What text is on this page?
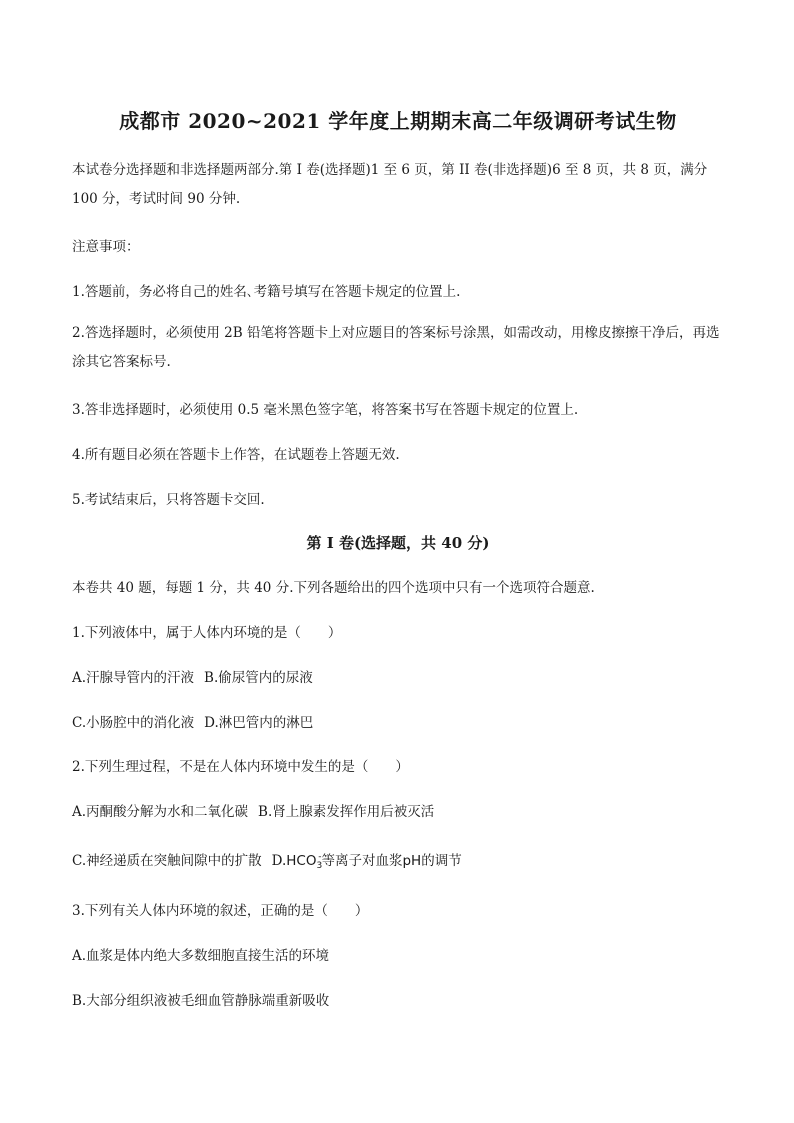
成都市 2020~2021 学年度上期期末高二年级调研考试生物
本试卷分选择题和非选择题两部分.第 I 卷(选择题)1 至 6 页，第 II 卷(非选择题)6 至 8 页，共 8 页，满分 100 分，考试时间 90 分钟.
注意事项：
1.答题前，务必将自己的姓名､考籍号填写在答题卡规定的位置上.
2.答选择题时，必须使用 2B 铅笔将答题卡上对应题目的答案标号涂黑，如需改动，用橡皮擦擦干净后，再选涂其它答案标号.
3.答非选择题时，必须使用 0.5 毫米黑色签字笔，将答案书写在答题卡规定的位置上.
4.所有题目必须在答题卡上作答，在试题卷上答题无效.
5.考试结束后，只将答题卡交回.
第 I 卷(选择题，共 40 分)
本卷共 40 题，每题 1 分，共 40 分.下列各题给出的四个选项中只有一个选项符合题意.
1.下列液体中，属于人体内环境的是（　　）
A.汗腺导管内的汗液 B.偷尿管内的尿液
C.小肠腔中的消化液 D.淋巴管内的淋巴
2.下列生理过程，不是在人体内环境中发生的是（　　）
A.丙酮酸分解为水和二氧化碳 B.肾上腺素发挥作用后被灭活
C.神经递质在突触间隙中的扩散 $D.HCO_3^-$等离子对血浆pH的调节
3.下列有关人体内环境的叙述，正确的是（　　）
A.血浆是体内绝大多数细胞直接生活的环境
B.大部分组织液被毛细血管静脉端重新吸收
